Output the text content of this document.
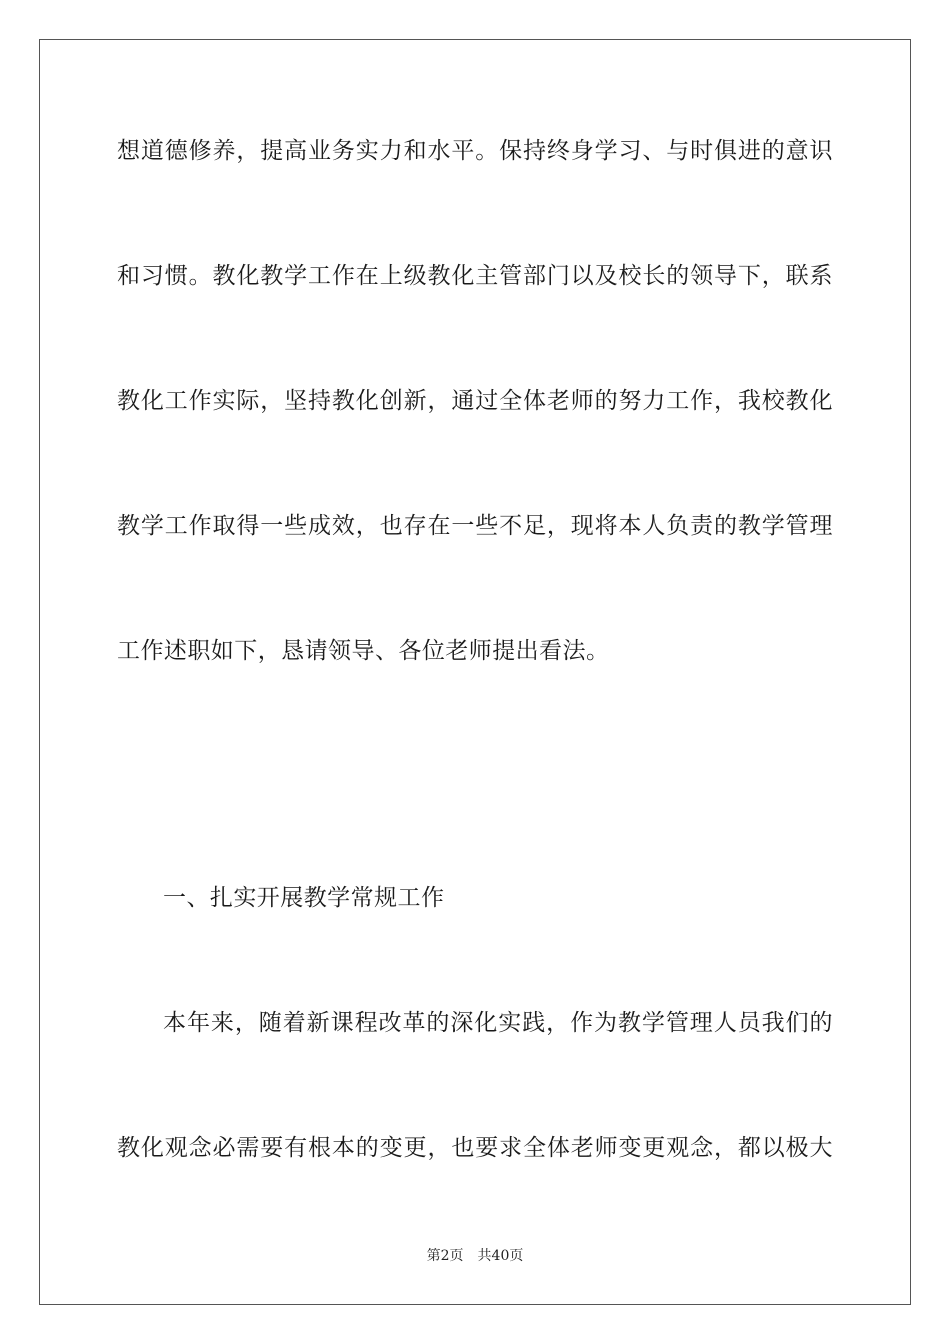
想道德修养，提高业务实力和水平。保持终身学习、与时俱进的意识
和习惯。教化教学工作在上级教化主管部门以及校长的领导下，联系
教化工作实际，坚持教化创新，通过全体老师的努力工作，我校教化
教学工作取得一些成效，也存在一些不足，现将本人负责的教学管理
工作述职如下，恳请领导、各位老师提出看法。
一、扎实开展教学常规工作
本年来，随着新课程改革的深化实践，作为教学管理人员我们的
教化观念必需要有根本的变更，也要求全体老师变更观念，都以极大
第2页 共40页
